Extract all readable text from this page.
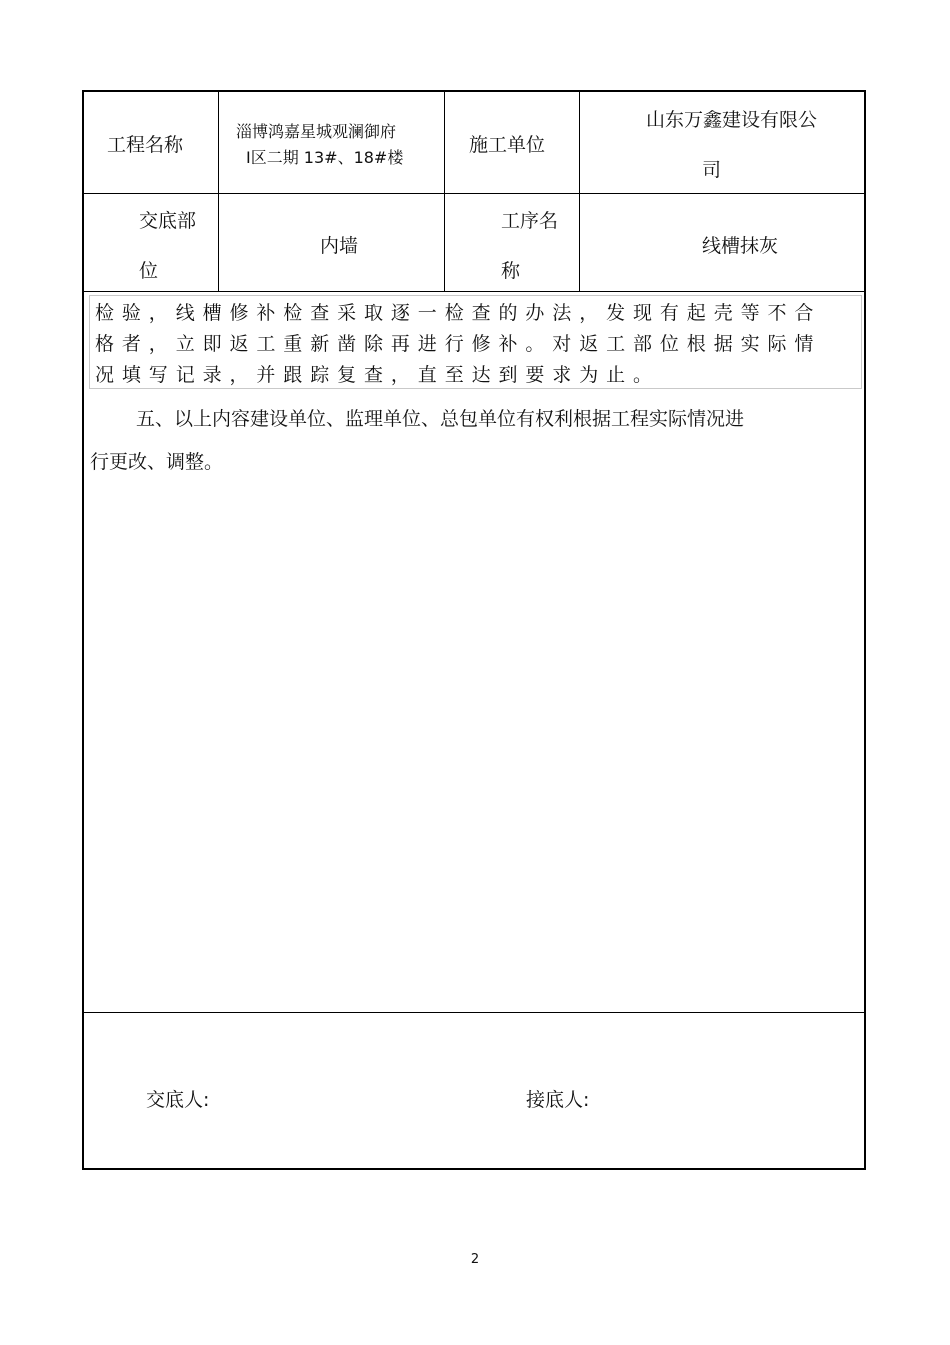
工程名称
淄博鸿嘉星城观澜御府
Ⅰ区二期 13#、18#楼
施工单位
山东万鑫建设有限公
司
交底部
位
内墙
工序名
称
线槽抹灰
检验，线槽修补检查采取逐一检查的办法，发现有起壳等不合
格者，立即返工重新凿除再进行修补。对返工部位根据实际情
况填写记录，并跟踪复查，直至达到要求为止。
五、以上内容建设单位、监理单位、总包单位有权利根据工程实际情况进
行更改、调整。
交底人:	接底人:
2
